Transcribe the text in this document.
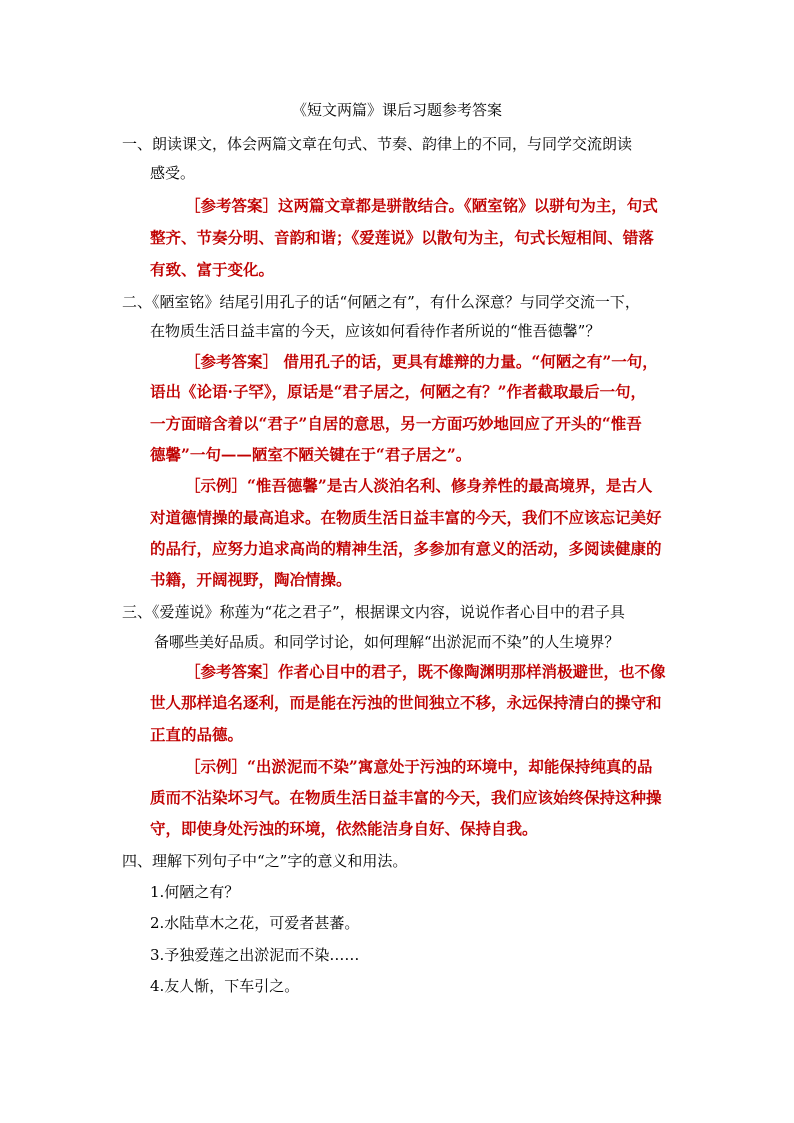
《短文两篇》课后习题参考答案
一、朗读课文，体会两篇文章在句式、节奏、韵律上的不同，与同学交流朗读
感受。
［参考答案］这两篇文章都是骈散结合。《陋室铭》以骈句为主，句式
整齐、节奏分明、音韵和谐；《爱莲说》以散句为主，句式长短相间、错落
有致、富于变化。
二、《陋室铭》结尾引用孔子的话“何陋之有”，有什么深意？与同学交流一下，
在物质生活日益丰富的今天，应该如何看待作者所说的“惟吾德馨”？
［参考答案］ 借用孔子的话，更具有雄辩的力量。“何陋之有”一句，
语出《论语·子罕》，原话是“君子居之，何陋之有？”作者截取最后一句，
一方面暗含着以“君子”自居的意思，另一方面巧妙地回应了开头的“惟吾
德馨”一句——陋室不陋关键在于“君子居之”。
［示例］“惟吾德馨”是古人淡泊名利、修身养性的最高境界，是古人
对道德情操的最高追求。在物质生活日益丰富的今天，我们不应该忘记美好
的品行，应努力追求高尚的精神生活，多参加有意义的活动，多阅读健康的
书籍，开阔视野，陶冶情操。
三、《爱莲说》称莲为“花之君子”，根据课文内容，说说作者心目中的君子具
备哪些美好品质。和同学讨论，如何理解“出淤泥而不染”的人生境界？
［参考答案］作者心目中的君子，既不像陶渊明那样消极避世，也不像
世人那样追名逐利，而是能在污浊的世间独立不移，永远保持清白的操守和
正直的品德。
［示例］“出淤泥而不染”寓意处于污浊的环境中，却能保持纯真的品
质而不沾染坏习气。在物质生活日益丰富的今天，我们应该始终保持这种操
守，即使身处污浊的环境，依然能洁身自好、保持自我。
四、理解下列句子中“之”字的意义和用法。
1.何陋之有？
2.水陆草木之花，可爱者甚蕃。
3.予独爱莲之出淤泥而不染……
4.友人惭，下车引之。
